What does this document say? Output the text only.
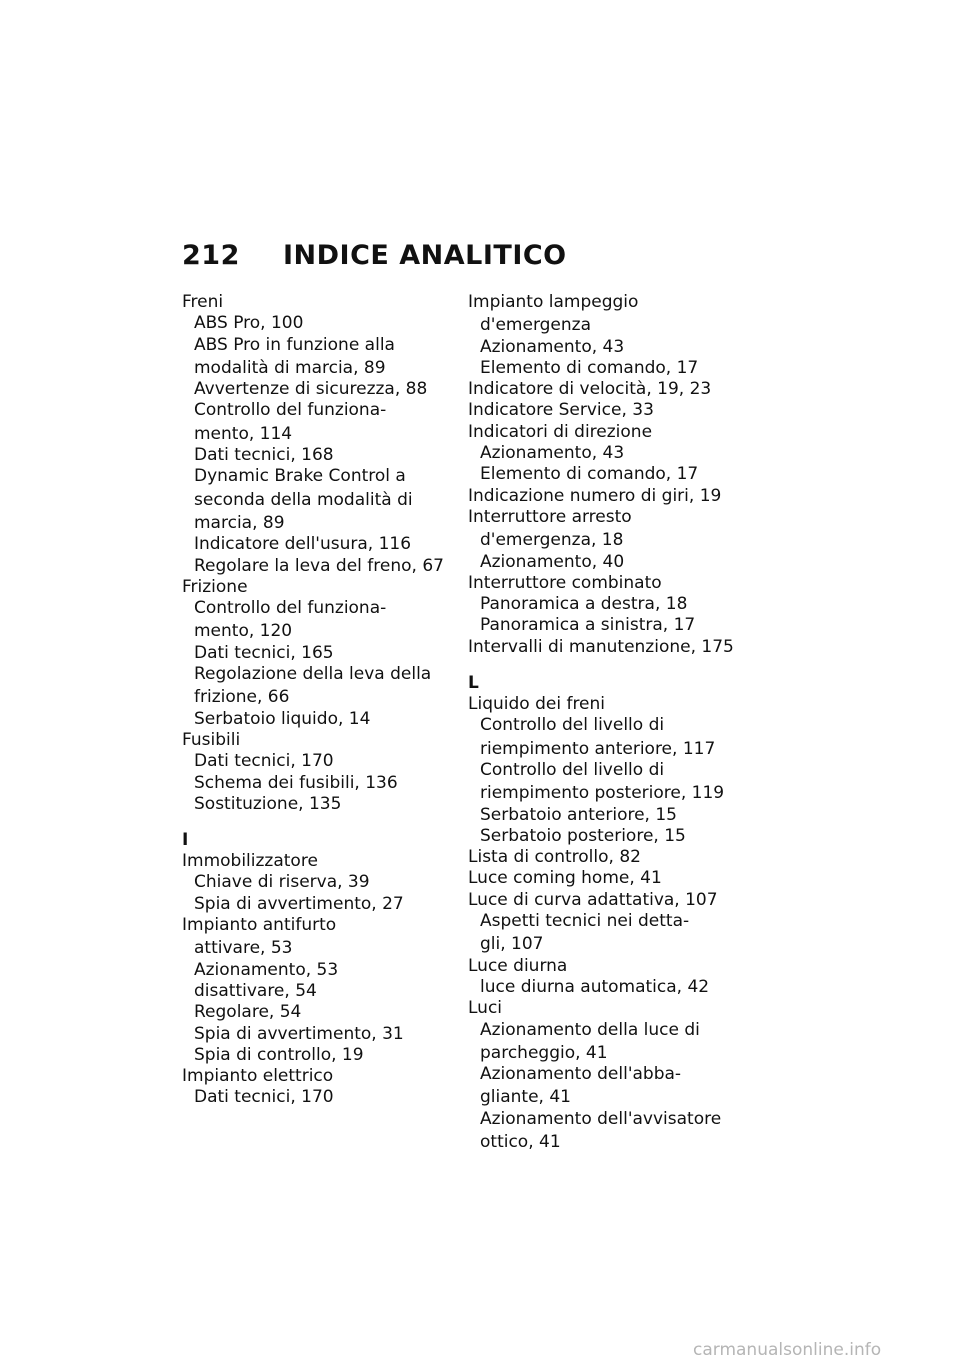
212 INDICE ANALITICO
Freni
ABS Pro, 100
ABS Pro in funzione alla
modalità di marcia, 89
Avvertenze di sicurezza, 88
Controllo del funziona-
mento, 114
Dati tecnici, 168
Dynamic Brake Control a
seconda della modalità di
marcia, 89
Indicatore dell'usura, 116
Regolare la leva del freno, 67
Frizione
Controllo del funziona-
mento, 120
Dati tecnici, 165
Regolazione della leva della
frizione, 66
Serbatoio liquido, 14
Fusibili
Dati tecnici, 170
Schema dei fusibili, 136
Sostituzione, 135
I
Immobilizzatore
Chiave di riserva, 39
Spia di avvertimento, 27
Impianto antifurto
attivare, 53
Azionamento, 53
disattivare, 54
Regolare, 54
Spia di avvertimento, 31
Spia di controllo, 19
Impianto elettrico
Dati tecnici, 170
Impianto lampeggio
d'emergenza
Azionamento, 43
Elemento di comando, 17
Indicatore di velocità, 19, 23
Indicatore Service, 33
Indicatori di direzione
Azionamento, 43
Elemento di comando, 17
Indicazione numero di giri, 19
Interruttore arresto
d'emergenza, 18
Azionamento, 40
Interruttore combinato
Panoramica a destra, 18
Panoramica a sinistra, 17
Intervalli di manutenzione, 175
L
Liquido dei freni
Controllo del livello di
riempimento anteriore, 117
Controllo del livello di
riempimento posteriore, 119
Serbatoio anteriore, 15
Serbatoio posteriore, 15
Lista di controllo, 82
Luce coming home, 41
Luce di curva adattativa, 107
Aspetti tecnici nei detta-
gli, 107
Luce diurna
luce diurna automatica, 42
Luci
Azionamento della luce di
parcheggio, 41
Azionamento dell'abba-
gliante, 41
Azionamento dell'avvisatore
ottico, 41
carmanualsonline.info
